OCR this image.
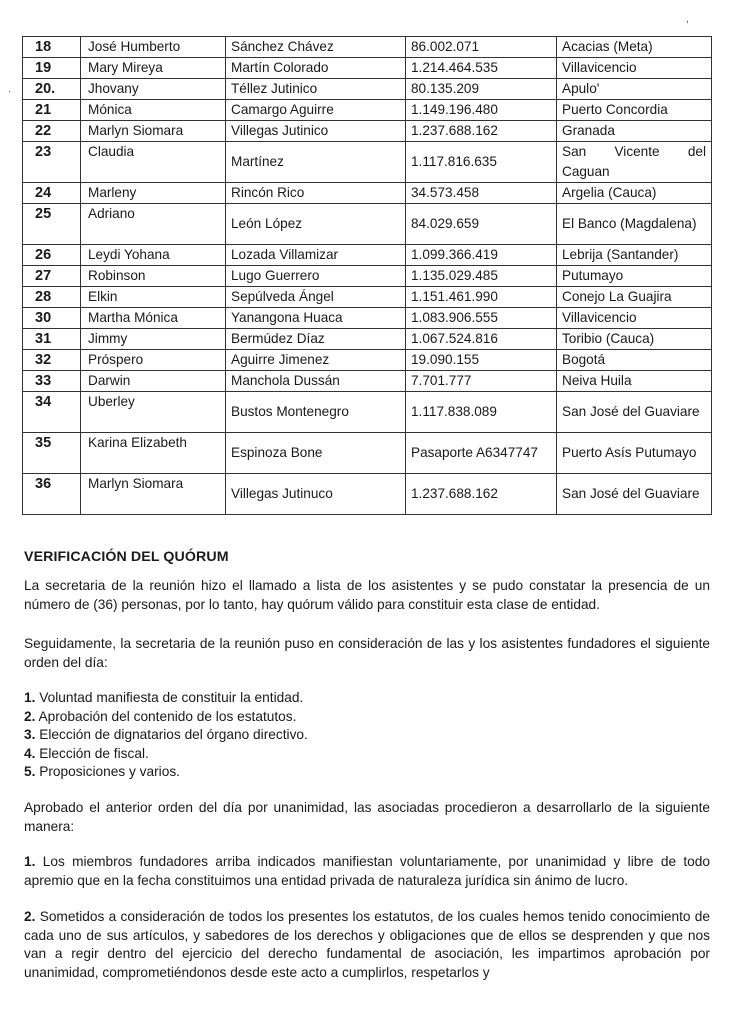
,
·
18	José Humberto	Sánchez Chávez	86.002.071	Acacias (Meta)
19	Mary Mireya	Martín Colorado	1.214.464.535	Villavicencio
20.	Jhovany	Téllez Jutinico	80.135.209	Apulo'
21	Mónica	Camargo Aguirre	1.149.196.480	Puerto Concordia
22	Marlyn Siomara	Villegas Jutinico	1.237.688.162	Granada
23	Claudia	Martínez	1.117.816.635	San Vicente del Caguan
24	Marleny	Rincón Rico	34.573.458	Argelia (Cauca)
25	Adriano	León López	84.029.659	El Banco (Magdalena)
26	Leydi Yohana	Lozada Villamizar	1.099.366.419	Lebrija (Santander)
27	Robinson	Lugo Guerrero	1.135.029.485	Putumayo
28	Elkin	Sepúlveda Ángel	1.151.461.990	Conejo La Guajira
30	Martha Mónica	Yanangona Huaca	1.083.906.555	Villavicencio
31	Jimmy	Bermúdez Díaz	1.067.524.816	Toribio (Cauca)
32	Próspero	Aguirre Jimenez	19.090.155	Bogotá
33	Darwin	Manchola Dussán	7.701.777	Neiva Huila
34	Uberley	Bustos Montenegro	1.117.838.089	San José del Guaviare
35	Karina Elizabeth	Espinoza Bone	Pasaporte A6347747	Puerto Asís Putumayo
36	Marlyn Siomara	Villegas Jutinuco	1.237.688.162	San José del Guaviare
VERIFICACIÓN DEL QUÓRUM

La secretaria de la reunión hizo el llamado a lista de los asistentes y se pudo constatar la presencia de un número de (36) personas, por lo tanto, hay quórum válido para constituir esta clase de entidad.

Seguidamente, la secretaria de la reunión puso en consideración de las y los asistentes fundadores el siguiente orden del día:

1. Voluntad manifiesta de constituir la entidad.
2. Aprobación del contenido de los estatutos.
3. Elección de dignatarios del órgano directivo.
4. Elección de fiscal.
5. Proposiciones y varios.

Aprobado el anterior orden del día por unanimidad, las asociadas procedieron a desarrollarlo de la siguiente manera:

1. Los miembros fundadores arriba indicados manifiestan voluntariamente, por unanimidad y libre de todo apremio que en la fecha constituimos una entidad privada de naturaleza jurídica sin ánimo de lucro.

2. Sometidos a consideración de todos los presentes los estatutos, de los cuales hemos tenido conocimiento de cada uno de sus artículos, y sabedores de los derechos y obligaciones que de ellos se desprenden y que nos van a regir dentro del ejercicio del derecho fundamental de asociación, les impartimos aprobación por unanimidad, comprometiéndonos desde este acto a cumplirlos, respetarlos y
